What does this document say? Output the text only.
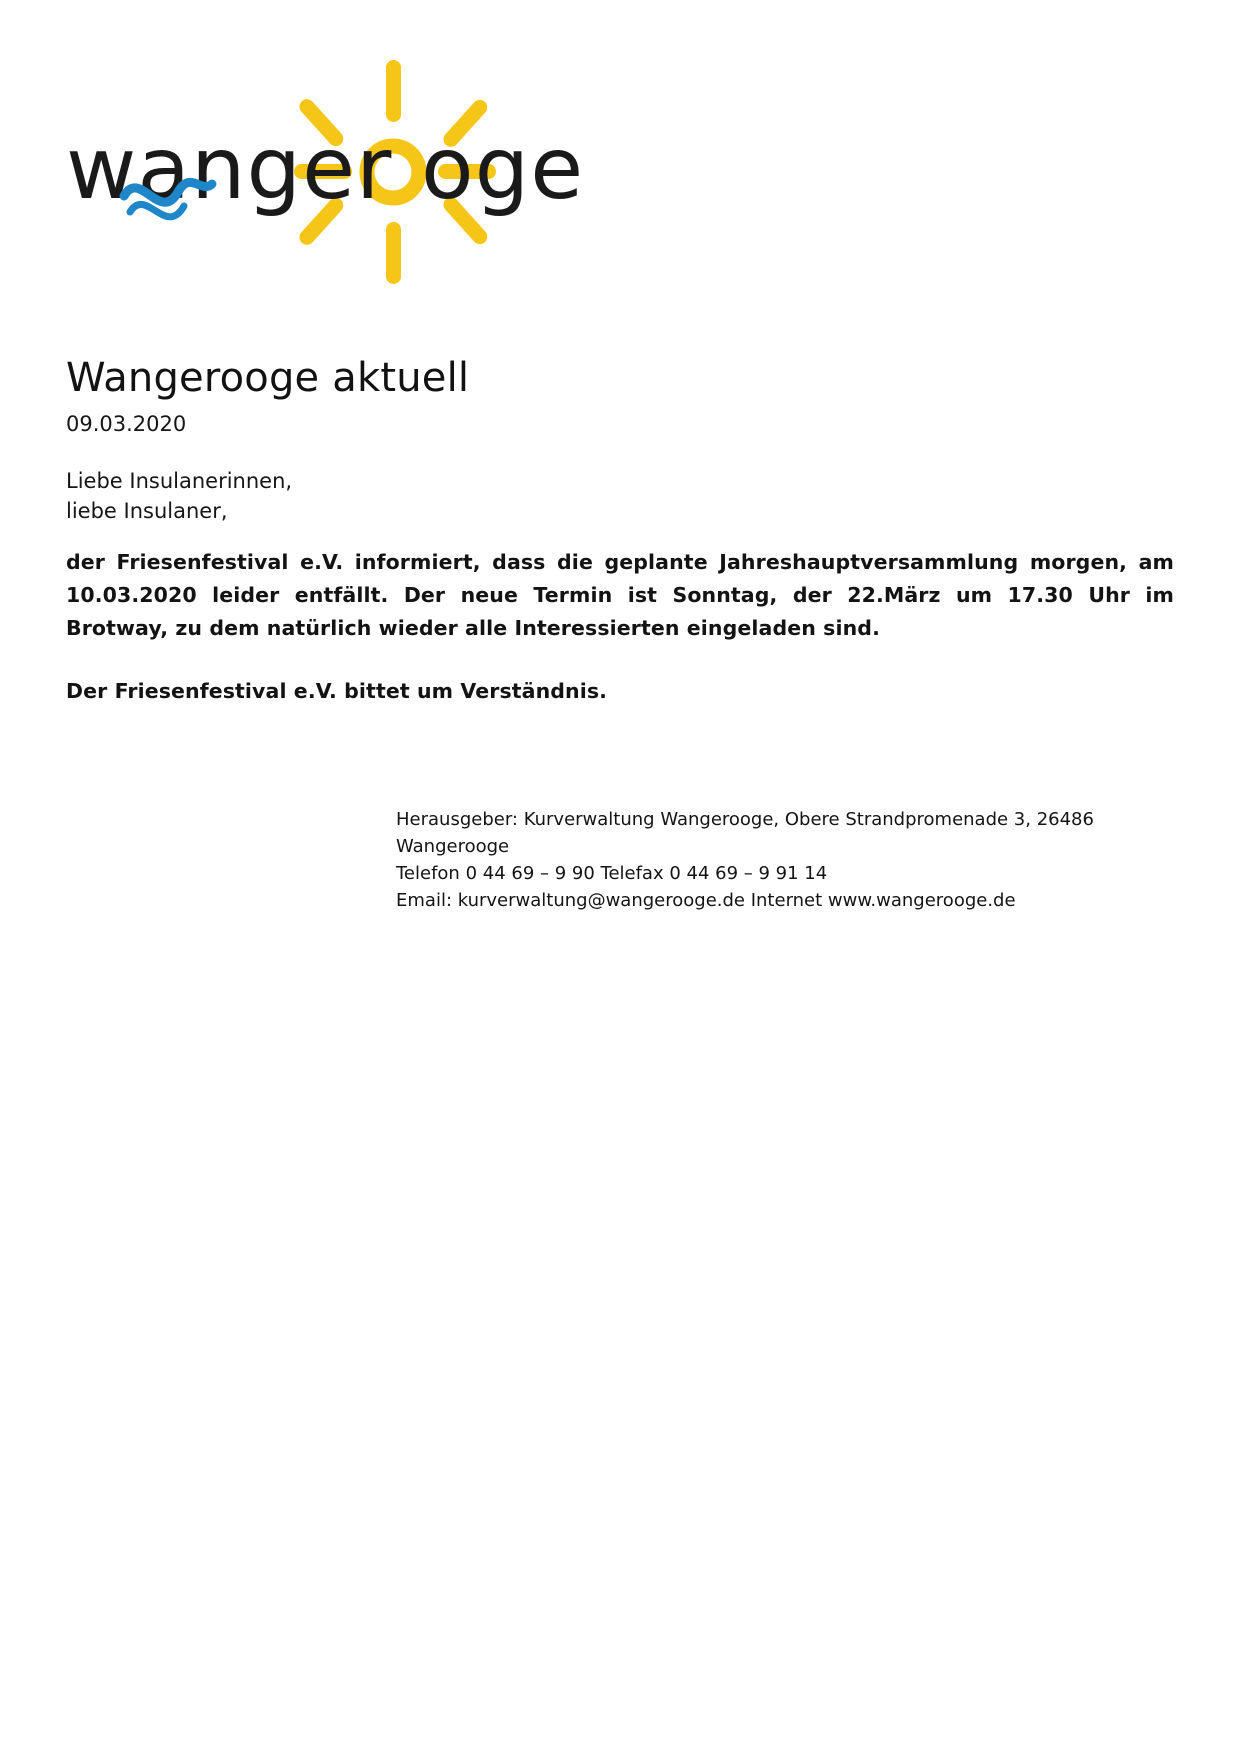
wanger oge
Wangerooge aktuell
09.03.2020
Liebe Insulanerinnen,
liebe Insulaner,

der Friesenfestival e.V. informiert, dass die geplante Jahreshauptversammlung morgen, am 10.03.2020 leider entfällt. Der neue Termin ist Sonntag, der 22.März um 17.30 Uhr im Brotway, zu dem natürlich wieder alle Interessierten eingeladen sind.

Der Friesenfestival e.V. bittet um Verständnis.

Herausgeber: Kurverwaltung Wangerooge, Obere Strandpromenade 3, 26486 Wangerooge
Telefon 0 44 69 – 9 90 Telefax 0 44 69 – 9 91 14
Email: kurverwaltung@wangerooge.de Internet www.wangerooge.de
